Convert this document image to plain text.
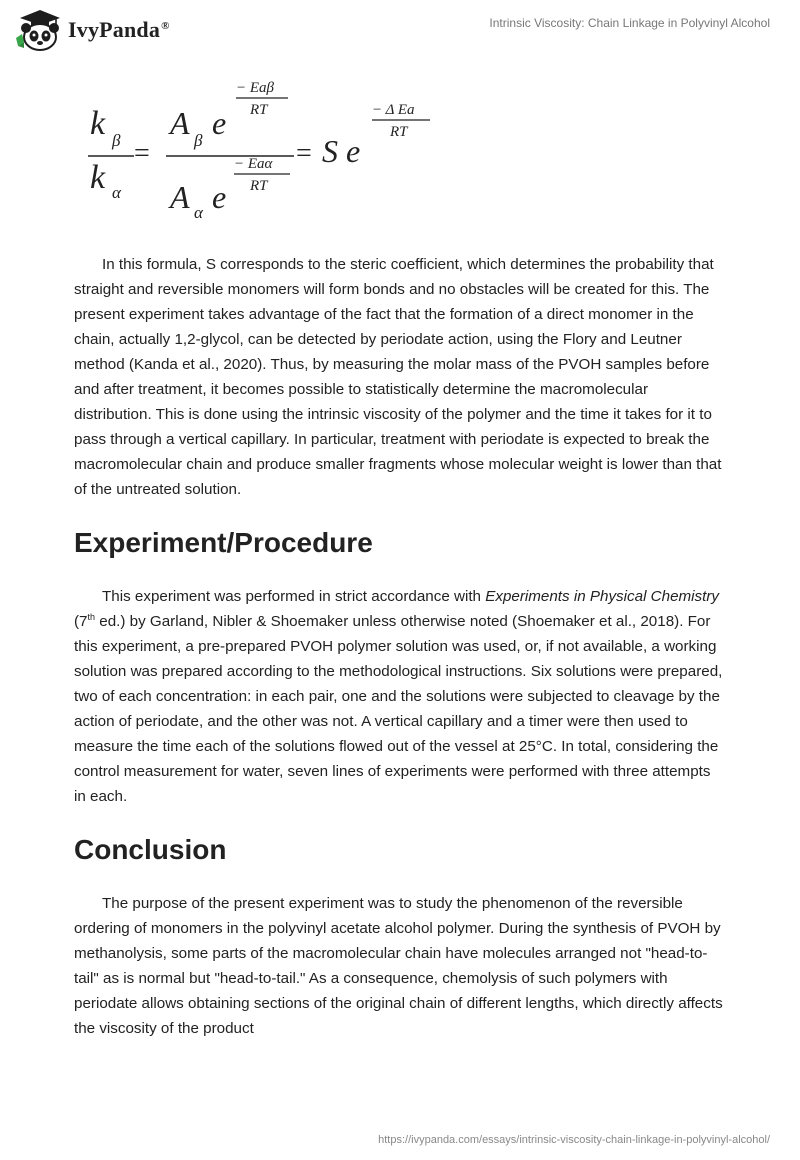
IvyPanda®	Intrinsic Viscosity: Chain Linkage in Polyvinyl Alcohol
k β
k α
=
A β e
− Eaβ
RT
A α e
− Eaα
RT
= S e
− Δ Ea
RT

In this formula, S corresponds to the steric coefficient, which determines the probability that straight and reversible monomers will form bonds and no obstacles will be created for this. The present experiment takes advantage of the fact that the formation of a direct monomer in the chain, actually 1,2-glycol, can be detected by periodate action, using the Flory and Leutner method (Kanda et al., 2020). Thus, by measuring the molar mass of the PVOH samples before and after treatment, it becomes possible to statistically determine the macromolecular distribution. This is done using the intrinsic viscosity of the polymer and the time it takes for it to pass through a vertical capillary. In particular, treatment with periodate is expected to break the macromolecular chain and produce smaller fragments whose molecular weight is lower than that of the untreated solution.

Experiment/Procedure

This experiment was performed in strict accordance with Experiments in Physical Chemistry (7th ed.) by Garland, Nibler & Shoemaker unless otherwise noted (Shoemaker et al., 2018). For this experiment, a pre-prepared PVOH polymer solution was used, or, if not available, a working solution was prepared according to the methodological instructions. Six solutions were prepared, two of each concentration: in each pair, one and the solutions were subjected to cleavage by the action of periodate, and the other was not. A vertical capillary and a timer were then used to measure the time each of the solutions flowed out of the vessel at 25°C. In total, considering the control measurement for water, seven lines of experiments were performed with three attempts in each.

Conclusion

The purpose of the present experiment was to study the phenomenon of the reversible ordering of monomers in the polyvinyl acetate alcohol polymer. During the synthesis of PVOH by methanolysis, some parts of the macromolecular chain have molecules arranged not "head-to-tail" as is normal but "head-to-tail." As a consequence, chemolysis of such polymers with periodate allows obtaining sections of the original chain of different lengths, which directly affects the viscosity of the product

https://ivypanda.com/essays/intrinsic-viscosity-chain-linkage-in-polyvinyl-alcohol/
